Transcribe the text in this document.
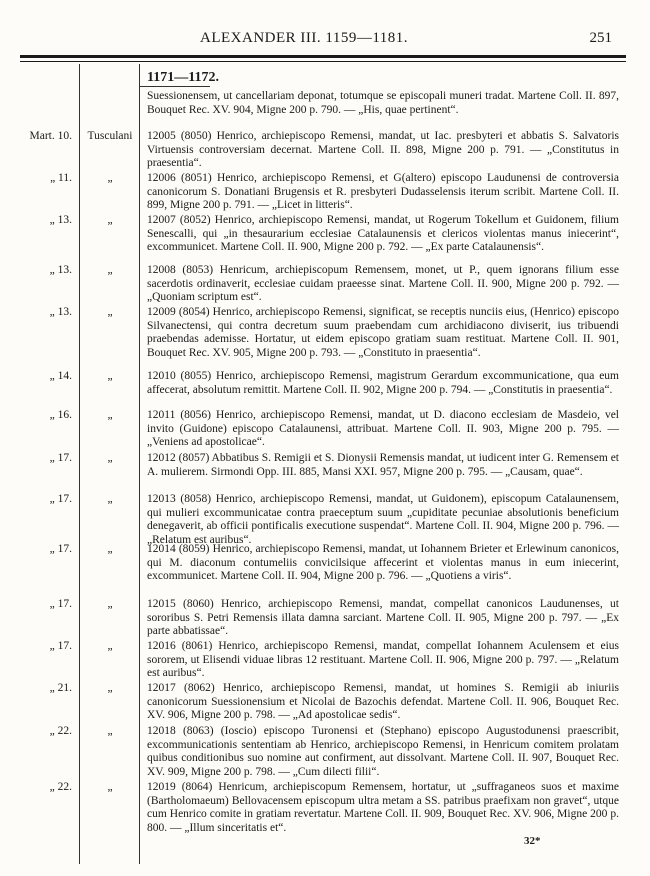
ALEXANDER III. 1159—1181.	251
1171—1172.
Suessionensem, ut cancellariam deponat, totumque se episcopali muneri tradat. Martene Coll. II. 897, Bouquet Rec. XV. 904, Migne 200 p. 790. — „His, quae pertinent“.
Mart. 10.	Tusculani	12005 (8050) Henrico, archiepiscopo Remensi, mandat, ut Iac. presbyteri et abbatis S. Salvatoris Virtuensis controversiam decernat. Martene Coll. II. 898, Migne 200 p. 791. — „Constitutus in praesentia“.
„ 11.	„	12006 (8051) Henrico, archiepiscopo Remensi, et G(altero) episcopo Laudunensi de controversia canonicorum S. Donatiani Brugensis et R. presbyteri Dudasselensis iterum scribit. Martene Coll. II. 899, Migne 200 p. 791. — „Licet in litteris“.
„ 13.	„	12007 (8052) Henrico, archiepiscopo Remensi, mandat, ut Rogerum Tokellum et Guidonem, filium Senescalli, qui „in thesaurarium ecclesiae Catalaunensis et clericos violentas manus iniecerint“, excommunicet. Martene Coll. II. 900, Migne 200 p. 792. — „Ex parte Catalaunensis“.
„ 13.	„	12008 (8053) Henricum, archiepiscopum Remensem, monet, ut P., quem ignorans filium esse sacerdotis ordinaverit, ecclesiae cuidam praeesse sinat. Martene Coll. II. 900, Migne 200 p. 792. — „Quoniam scriptum est“.
„ 13.	„	12009 (8054) Henrico, archiepiscopo Remensi, significat, se receptis nunciis eius, (Henrico) episcopo Silvanectensi, qui contra decretum suum praebendam cum archidiacono diviserit, ius tribuendi praebendas ademisse. Hortatur, ut eidem episcopo gratiam suam restituat. Martene Coll. II. 901, Bouquet Rec. XV. 905, Migne 200 p. 793. — „Constituto in praesentia“.
„ 14.	„	12010 (8055) Henrico, archiepiscopo Remensi, magistrum Gerardum excommunicatione, qua eum affecerat, absolutum remittit. Martene Coll. II. 902, Migne 200 p. 794. — „Constitutis in praesentia“.
„ 16.	„	12011 (8056) Henrico, archiepiscopo Remensi, mandat, ut D. diacono ecclesiam de Masdeio, vel invito (Guidone) episcopo Catalaunensi, attribuat. Martene Coll. II. 903, Migne 200 p. 795. — „Veniens ad apostolicae“.
„ 17.	„	12012 (8057) Abbatibus S. Remigii et S. Dionysii Remensis mandat, ut iudicent inter G. Remensem et A. mulierem. Sirmondi Opp. III. 885, Mansi XXI. 957, Migne 200 p. 795. — „Causam, quae“.
„ 17.	„	12013 (8058) Henrico, archiepiscopo Remensi, mandat, ut Guidonem), episcopum Catalaunensem, qui mulieri excommunicatae contra praeceptum suum „cupiditate pecuniae absolutionis beneficium denegaverit, ab officii pontificalis executione suspendat“. Martene Coll. II. 904, Migne 200 p. 796. — „Relatum est auribus“.
„ 17.	„	12014 (8059) Henrico, archiepiscopo Remensi, mandat, ut Iohannem Brieter et Erlewinum canonicos, qui M. diaconum contumeliis convicilsique affecerint et violentas manus in eum iniecerint, excommunicet. Martene Coll. II. 904, Migne 200 p. 796. — „Quotiens a viris“.
„ 17.	„	12015 (8060) Henrico, archiepiscopo Remensi, mandat, compellat canonicos Laudunenses, ut sororibus S. Petri Remensis illata damna sarciant. Martene Coll. II. 905, Migne 200 p. 797. — „Ex parte abbatissae“.
„ 17.	„	12016 (8061) Henrico, archiepiscopo Remensi, mandat, compellat Iohannem Aculensem et eius sororem, ut Elisendi viduae libras 12 restituant. Martene Coll. II. 906, Migne 200 p. 797. — „Relatum est auribus“.
„ 21.	„	12017 (8062) Henrico, archiepiscopo Remensi, mandat, ut homines S. Remigii ab iniuriis canonicorum Suessionensium et Nicolai de Bazochis defendat. Martene Coll. II. 906, Bouquet Rec. XV. 906, Migne 200 p. 798. — „Ad apostolicae sedis“.
„ 22.	„	12018 (8063) (Ioscio) episcopo Turonensi et (Stephano) episcopo Augustodunensi praescribit, excommunicationis sententiam ab Henrico, archiepiscopo Remensi, in Henricum comitem prolatam quibus conditionibus suo nomine aut confirment, aut dissolvant. Martene Coll. II. 907, Bouquet Rec. XV. 909, Migne 200 p. 798. — „Cum dilecti filii“.
„ 22.	„	12019 (8064) Henricum, archiepiscopum Remensem, hortatur, ut „suffraganeos suos et maxime (Bartholomaeum) Bellovacensem episcopum ultra metam a SS. patribus praefixam non gravet“, utque cum Henrico comite in gratiam revertatur. Martene Coll. II. 909, Bouquet Rec. XV. 906, Migne 200 p. 800. — „Illum sinceritatis et“.
32*
